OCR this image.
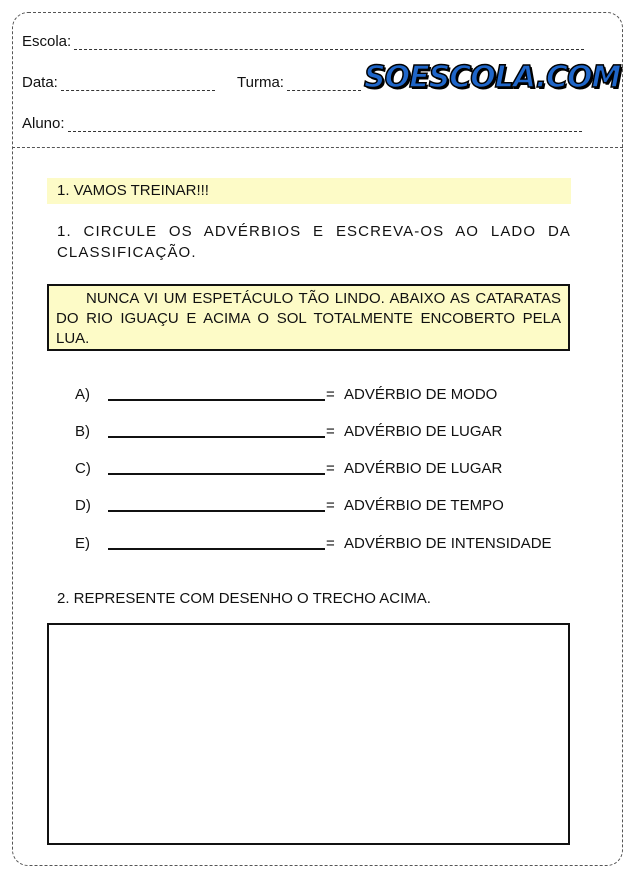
Escola:
Data:	Turma:	SOESCOLA.COM
Aluno:
1. VAMOS TREINAR!!!
1. CIRCULE OS ADVÉRBIOS E ESCREVA-OS AO LADO DA CLASSIFICAÇÃO.
NUNCA VI UM ESPETÁCULO TÃO LINDO. ABAIXO AS CATARATAS DO RIO IGUAÇU E ACIMA O SOL TOTALMENTE ENCOBERTO PELA LUA.
A)	= ADVÉRBIO DE MODO
B)	= ADVÉRBIO DE LUGAR
C)	= ADVÉRBIO DE LUGAR
D)	= ADVÉRBIO DE TEMPO
E)	= ADVÉRBIO DE INTENSIDADE
2. REPRESENTE COM DESENHO O TRECHO ACIMA.
